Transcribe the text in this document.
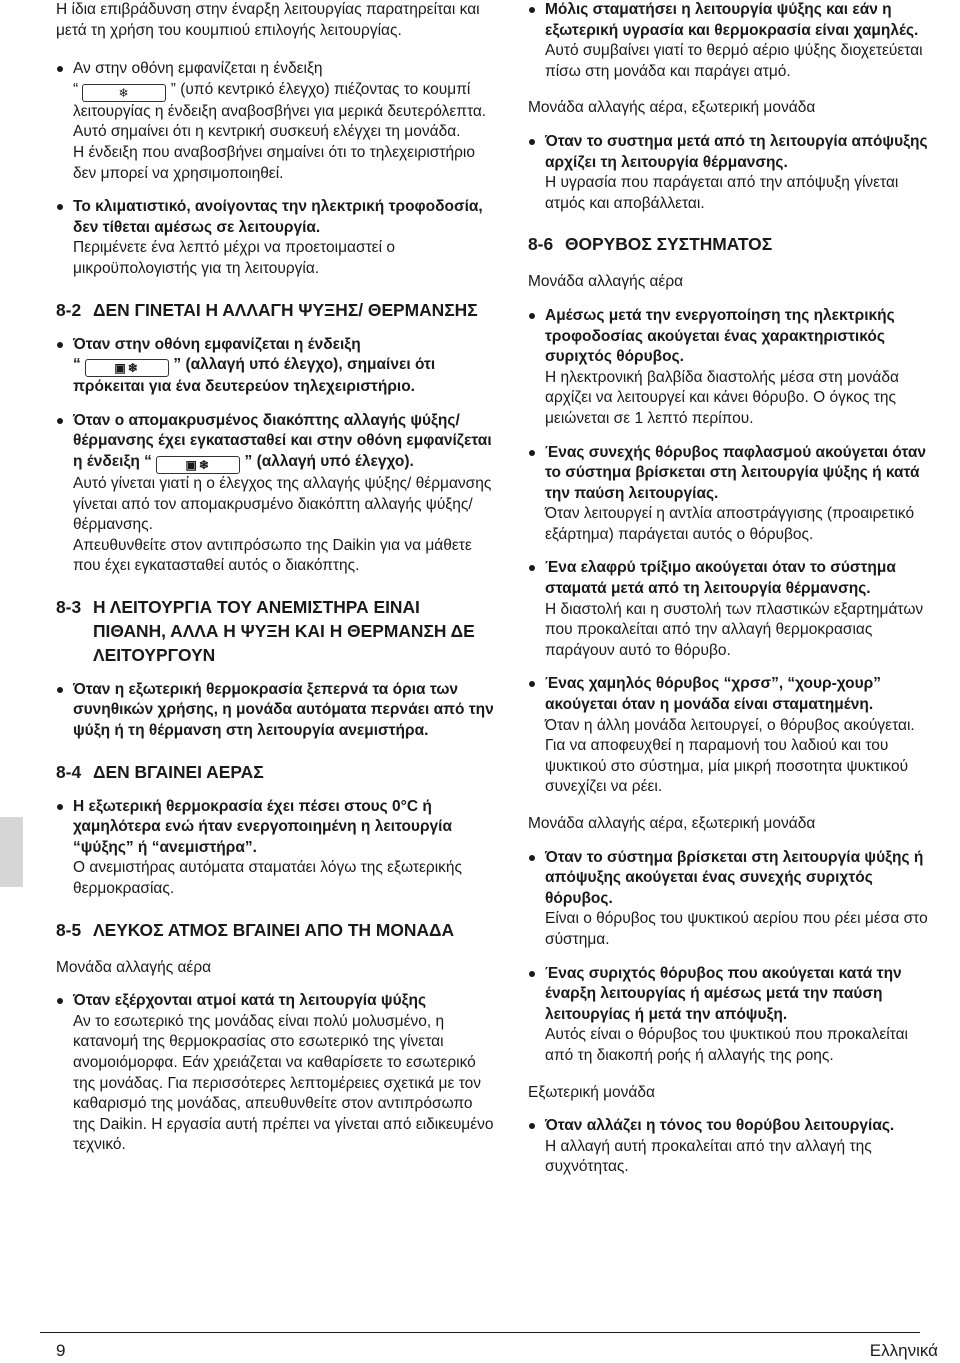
Η ίδια επιβράδυνση στην έναρξη λειτουργίας παρατηρείται και μετά τη χρήση του κουμπιού επιλογής λειτουργίας.

Αν στην οθόνη εμφανίζεται η ένδειξη
“	❄ ” (υπό κεντρικό έλεγχο) πιέζοντας το κουμπί λειτουργίας η ένδειξη αναβοσβήνει για μερικά δευτερόλεπτα.

Αυτό σημαίνει ότι η κεντρική συσκευή ελέγχει τη μονάδα.

Η ένδειξη που αναβοσβήνει σημαίνει ότι το τηλεχειριστήριο δεν μπορεί να χρησιμοποιηθεί.

Το κλιματιστικό, ανοίγοντας την ηλεκτρική τροφοδοσία, δεν τίθεται αμέσως σε λειτουργία.

Περιμένετε ένα λεπτό μέχρι να προετοιμαστεί ο μικροϋπολογιστής για τη λειτουργία.

8-2 ΔΕΝ ΓΙΝΕΤΑΙ Η ΑΛΛΑΓΗ ΨΥΞΗΣ/ ΘΕΡΜΑΝΣΗΣ

Όταν στην οθόνη εμφανίζεται η ένδειξη
“ ▣❄ ” (αλλαγή υπό έλεγχο), σημαίνει ότι πρόκειται για ένα δευτερεύον τηλεχειριστήριο.

Όταν ο απομακρυσμένος διακόπτης αλλαγής ψύξης/θέρμανσης έχει εγκατασταθεί και στην οθόνη εμφανίζεται η ένδειξη “ ▣❄ ” (αλλαγή υπό έλεγχο).

Αυτό γίνεται γιατί η ο έλεγχος της αλλαγής ψύξης/ θέρμανσης γίνεται από τον απομακρυσμένο διακόπτη αλλαγής ψύξης/θέρμανσης.

Απευθυνθείτε στον αντιπρόσωπο της Daikin για να μάθετε που έχει εγκατασταθεί αυτός ο διακόπτης.

8-3 Η ΛΕΙΤΟΥΡΓΙΑ ΤΟΥ ΑΝΕΜΙΣΤΗΡΑ ΕΙΝΑΙ ΠΙΘΑΝΗ, ΑΛΛΑ Η ΨΥΞΗ ΚΑΙ Η ΘΕΡΜΑΝΣΗ ΔΕ ΛΕΙΤΟΥΡΓΟΥΝ

Όταν η εξωτερική θερμοκρασία ξεπερνά τα όρια των συνηθικών χρήσης, η μονάδα αυτόματα περνάει από την ψύξη ή τη θέρμανση στη λειτουργία ανεμιστήρα.

8-4 ΔΕΝ ΒΓΑΙΝΕΙ ΑΕΡΑΣ

Η εξωτερική θερμοκρασία έχει πέσει στους 0°C ή χαμηλότερα ενώ ήταν ενεργοποιημένη η λειτουργία “ψύξης” ή “ανεμιστήρα”.

Ο ανεμιστήρας αυτόματα σταματάει λόγω της εξωτερικής θερμοκρασίας.

8-5 ΛΕΥΚΟΣ ΑΤΜΟΣ ΒΓΑΙΝΕΙ ΑΠΟ ΤΗ ΜΟΝΑΔΑ

Μονάδα αλλαγής αέρα

Όταν εξέρχονται ατμοί κατά τη λειτουργία ψύξης

Αν το εσωτερικό της μονάδας είναι πολύ μολυσμένο, η κατανομή της θερμοκρασίας στο εσωτερικό της γίνεται ανομοιόμορφα. Εάν χρειάζεται να καθαρίσετε το εσωτερικό της μονάδας. Για περισσότερες λεπτομέρειες σχετικά με τον καθαρισμό της μονάδας, απευθυνθείτε στον αντιπρόσωπο της Daikin. Η εργασία αυτή πρέπει να γίνεται από ειδικευμένο τεχνικό.

Μόλις σταματήσει η λειτουργία ψύξης και εάν η εξωτερική υγρασία και θερμοκρασία είναι χαμηλές.

Αυτό συμβαίνει γιατί το θερμό αέριο ψύξης διοχετεύεται πίσω στη μονάδα και παράγει ατμό.

Μονάδα αλλαγής αέρα, εξωτερική μονάδα

Όταν το συστημα μετά από τη λειτουργία απόψυξης αρχίζει τη λειτουργία θέρμανσης.

Η υγρασία που παράγεται από την απόψυξη γίνεται ατμός και αποβάλλεται.

8-6 ΘΟΡΥΒΟΣ ΣΥΣΤΗΜΑΤΟΣ

Μονάδα αλλαγής αέρα

Αμέσως μετά την ενεργοποίηση της ηλεκτρικής τροφοδοσίας ακούγεται ένας χαρακτηριστικός συριχτός θόρυβος.

Η ηλεκτρονική βαλβίδα διαστολής μέσα στη μονάδα αρχίζει να λειτουργεί και κάνει θόρυβο. Ο όγκος της μειώνεται σε 1 λεπτό περίπου.

Ένας συνεχής θόρυβος παφλασμού ακούγεται όταν το σύστημα βρίσκεται στη λειτουργία ψύξης ή κατά την παύση λειτουργίας.

Όταν λειτουργεί η αντλία αποστράγγισης (προαιρετικό εξάρτημα) παράγεται αυτός ο θόρυβος.

Ένα ελαφρύ τρίξιμο ακούγεται όταν το σύστημα σταματά μετά από τη λειτουργία θέρμανσης.

Η διαστολή και η συστολή των πλαστικών εξαρτημάτων που προκαλείται από την αλλαγή θερμοκρασιας παράγουν αυτό το θόρυβο.

Ένας χαμηλός θόρυβος “χρσσ”, “χουρ-χουρ” ακούγεται όταν η μονάδα είναι σταματημένη.

Όταν η άλλη μονάδα λειτουργεί, ο θόρυβος ακούγεται. Για να αποφευχθεί η παραμονή του λαδιού και του ψυκτικού στο σύστημα, μία μικρή ποσοτητα ψυκτικού συνεχίζει να ρέει.

Μονάδα αλλαγής αέρα, εξωτερική μονάδα

Όταν το σύστημα βρίσκεται στη λειτουργία ψύξης ή απόψυξης ακούγεται ένας συνεχής συριχτός θόρυβος.

Είναι ο θόρυβος του ψυκτικού αερίου που ρέει μέσα στο σύστημα.

Ένας συριχτός θόρυβος που ακούγεται κατά την έναρξη λειτουργίας ή αμέσως μετά την παύση λειτουργίας ή μετά την απόψυξη.

Αυτός είναι ο θόρυβος του ψυκτικού που προκαλείται από τη διακοπή ροής ή αλλαγής της ροης.

Εξωτερική μονάδα

Όταν αλλάζει η τόνος του θορύβου λειτουργίας.

Η αλλαγή αυτή προκαλείται από την αλλαγή της συχνότητας.

9	Ελληνικά
